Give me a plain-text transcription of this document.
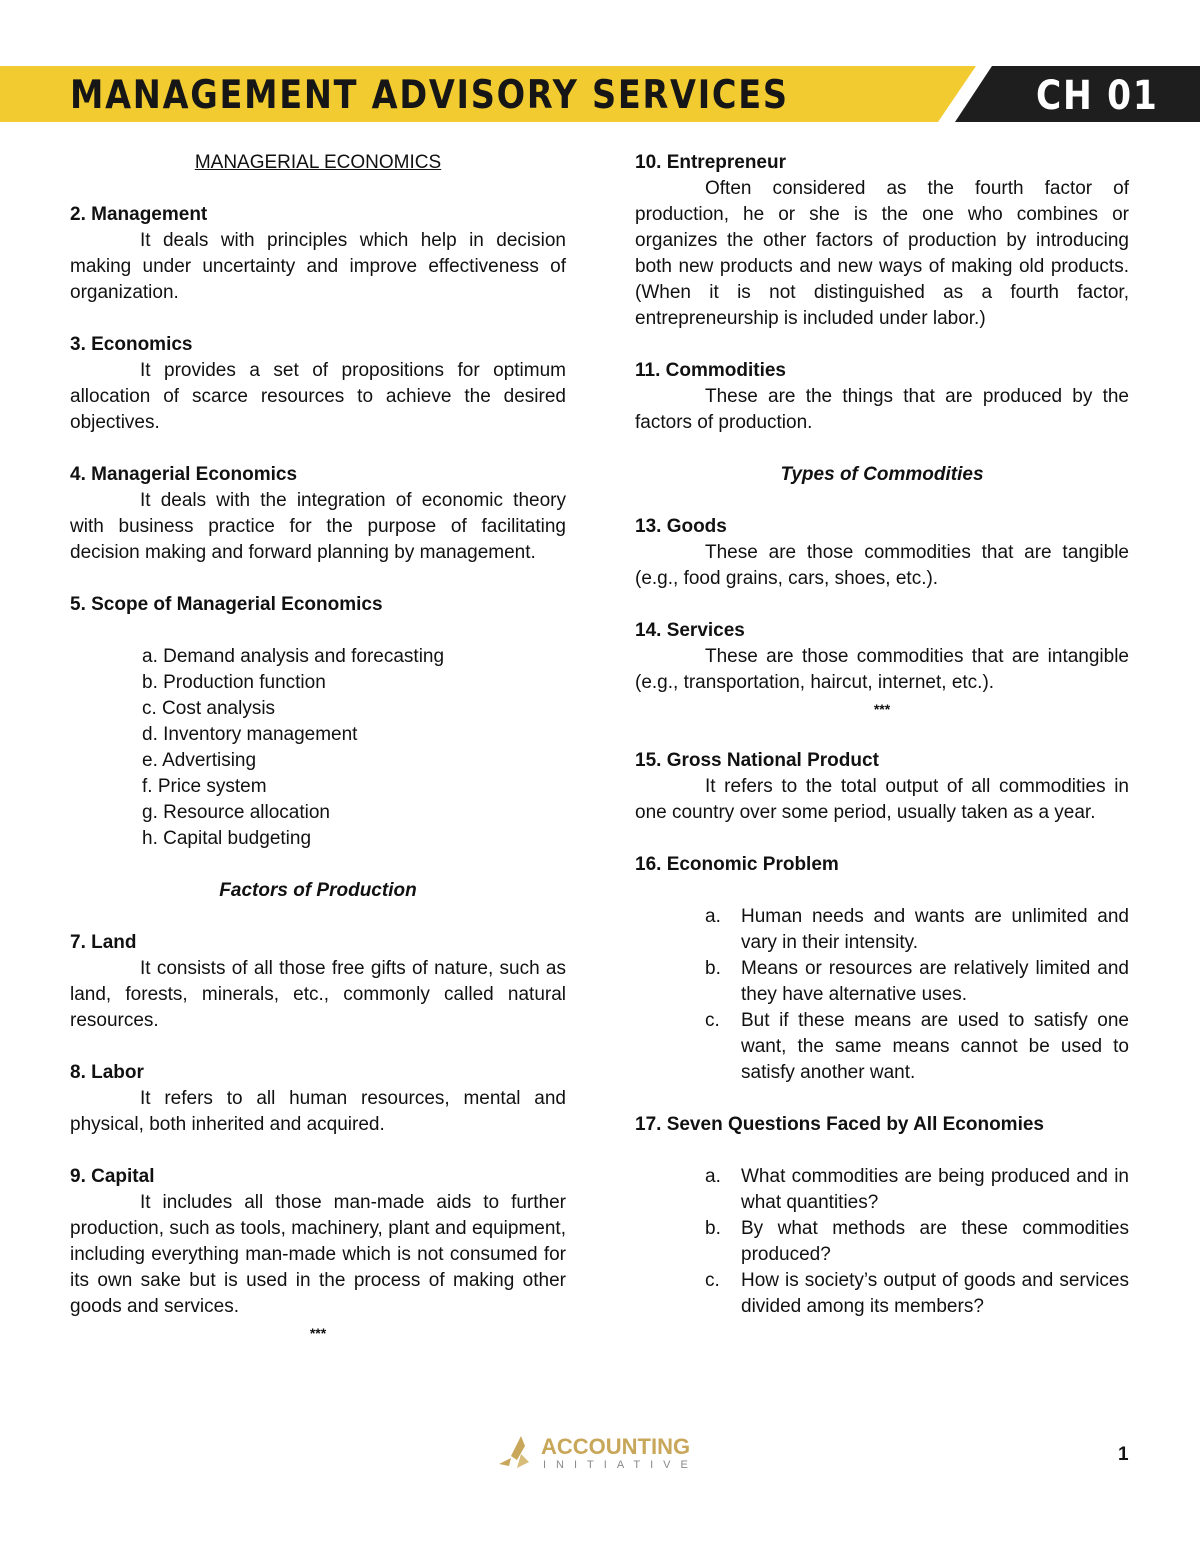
MANAGEMENT ADVISORY SERVICES	CH 01
MANAGERIAL ECONOMICS
2. Management

It deals with principles which help in decision making under uncertainty and improve effectiveness of organization.

3. Economics

It provides a set of propositions for optimum allocation of scarce resources to achieve the desired objectives.

4. Managerial Economics

It deals with the integration of economic theory with business practice for the purpose of facilitating decision making and forward planning by management.

5. Scope of Managerial Economics
a. Demand analysis and forecasting
b. Production function
c. Cost analysis
d. Inventory management
e. Advertising
f. Price system
g. Resource allocation
h. Capital budgeting
Factors of Production
7. Land

It consists of all those free gifts of nature, such as land, forests, minerals, etc., commonly called natural resources.

8. Labor

It refers to all human resources, mental and physical, both inherited and acquired.

9. Capital

It includes all those man-made aids to further production, such as tools, machinery, plant and equipment, including everything man-made which is not consumed for its own sake but is used in the process of making other goods and services.

***
10. Entrepreneur

Often considered as the fourth factor of production, he or she is the one who combines or organizes the other factors of production by introducing both new products and new ways of making old products. (When it is not distinguished as a fourth factor, entrepreneurship is included under labor.)

11. Commodities

These are the things that are produced by the factors of production.

Types of Commodities
13. Goods

These are those commodities that are tangible (e.g., food grains, cars, shoes, etc.).

14. Services

These are those commodities that are intangible (e.g., transportation, haircut, internet, etc.).

***
15. Gross National Product

It refers to the total output of all commodities in one country over some period, usually taken as a year.

16. Economic Problem
a. Human needs and wants are unlimited and vary in their intensity.
b. Means or resources are relatively limited and they have alternative uses.
c. But if these means are used to satisfy one want, the same means cannot be used to satisfy another want.
17. Seven Questions Faced by All Economies
a. What commodities are being produced and in what quantities?
b. By what methods are these commodities produced?
c. How is society’s output of goods and services divided among its members?
ACCOUNTING
INITIATIVE	1
